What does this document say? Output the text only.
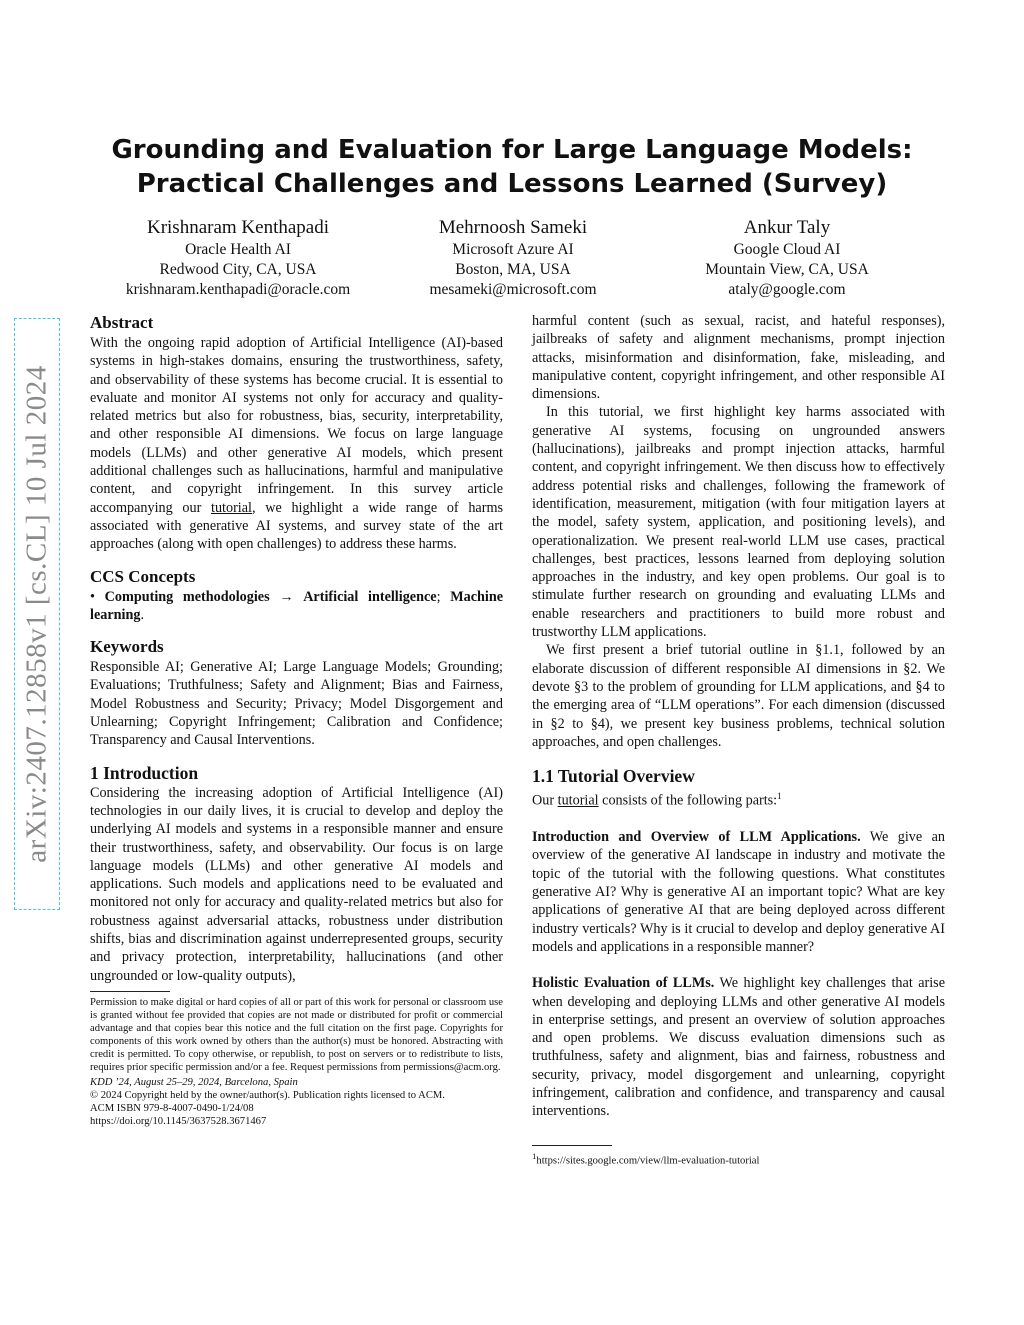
arXiv:2407.12858v1 [cs.CL] 10 Jul 2024
Grounding and Evaluation for Large Language Models: Practical Challenges and Lessons Learned (Survey)
Krishnaram Kenthapadi
Oracle Health AI
Redwood City, CA, USA
krishnaram.kenthapadi@oracle.com
Mehrnoosh Sameki
Microsoft Azure AI
Boston, MA, USA
mesameki@microsoft.com
Ankur Taly
Google Cloud AI
Mountain View, CA, USA
ataly@google.com
Abstract

With the ongoing rapid adoption of Artificial Intelligence (AI)-based systems in high-stakes domains, ensuring the trustworthiness, safety, and observability of these systems has become crucial. It is essential to evaluate and monitor AI systems not only for accuracy and quality-related metrics but also for robustness, bias, security, interpretability, and other responsible AI dimensions. We focus on large language models (LLMs) and other generative AI models, which present additional challenges such as hallucinations, harmful and manipulative content, and copyright infringement. In this survey article accompanying our tutorial, we highlight a wide range of harms associated with generative AI systems, and survey state of the art approaches (along with open challenges) to address these harms.

CCS Concepts

• Computing methodologies → Artificial intelligence; Machine learning.

Keywords

Responsible AI; Generative AI; Large Language Models; Grounding; Evaluations; Truthfulness; Safety and Alignment; Bias and Fairness, Model Robustness and Security; Privacy; Model Disgorgement and Unlearning; Copyright Infringement; Calibration and Confidence; Transparency and Causal Interventions.

1 Introduction

Considering the increasing adoption of Artificial Intelligence (AI) technologies in our daily lives, it is crucial to develop and deploy the underlying AI models and systems in a responsible manner and ensure their trustworthiness, safety, and observability. Our focus is on large language models (LLMs) and other generative AI models and applications. Such models and applications need to be evaluated and monitored not only for accuracy and quality-related metrics but also for robustness against adversarial attacks, robustness under distribution shifts, bias and discrimination against underrepresented groups, security and privacy protection, interpretability, hallucinations (and other ungrounded or low-quality outputs),

Permission to make digital or hard copies of all or part of this work for personal or classroom use is granted without fee provided that copies are not made or distributed for profit or commercial advantage and that copies bear this notice and the full citation on the first page. Copyrights for components of this work owned by others than the author(s) must be honored. Abstracting with credit is permitted. To copy otherwise, or republish, to post on servers or to redistribute to lists, requires prior specific permission and/or a fee. Request permissions from permissions@acm.org.
KDD ’24, August 25–29, 2024, Barcelona, Spain
© 2024 Copyright held by the owner/author(s). Publication rights licensed to ACM.
ACM ISBN 979-8-4007-0490-1/24/08
https://doi.org/10.1145/3637528.3671467

harmful content (such as sexual, racist, and hateful responses), jailbreaks of safety and alignment mechanisms, prompt injection attacks, misinformation and disinformation, fake, misleading, and manipulative content, copyright infringement, and other responsible AI dimensions.

In this tutorial, we first highlight key harms associated with generative AI systems, focusing on ungrounded answers (hallucinations), jailbreaks and prompt injection attacks, harmful content, and copyright infringement. We then discuss how to effectively address potential risks and challenges, following the framework of identification, measurement, mitigation (with four mitigation layers at the model, safety system, application, and positioning levels), and operationalization. We present real-world LLM use cases, practical challenges, best practices, lessons learned from deploying solution approaches in the industry, and key open problems. Our goal is to stimulate further research on grounding and evaluating LLMs and enable researchers and practitioners to build more robust and trustworthy LLM applications.

We first present a brief tutorial outline in §1.1, followed by an elaborate discussion of different responsible AI dimensions in §2. We devote §3 to the problem of grounding for LLM applications, and §4 to the emerging area of “LLM operations”. For each dimension (discussed in §2 to §4), we present key business problems, technical solution approaches, and open challenges.

1.1 Tutorial Overview

Our tutorial consists of the following parts:$^1$

Introduction and Overview of LLM Applications. We give an overview of the generative AI landscape in industry and motivate the topic of the tutorial with the following questions. What constitutes generative AI? Why is generative AI an important topic? What are key applications of generative AI that are being deployed across different industry verticals? Why is it crucial to develop and deploy generative AI models and applications in a responsible manner?

Holistic Evaluation of LLMs. We highlight key challenges that arise when developing and deploying LLMs and other generative AI models in enterprise settings, and present an overview of solution approaches and open problems. We discuss evaluation dimensions such as truthfulness, safety and alignment, bias and fairness, robustness and security, privacy, model disgorgement and unlearning, copyright infringement, calibration and confidence, and transparency and causal interventions.

$^1$https://sites.google.com/view/llm-evaluation-tutorial
